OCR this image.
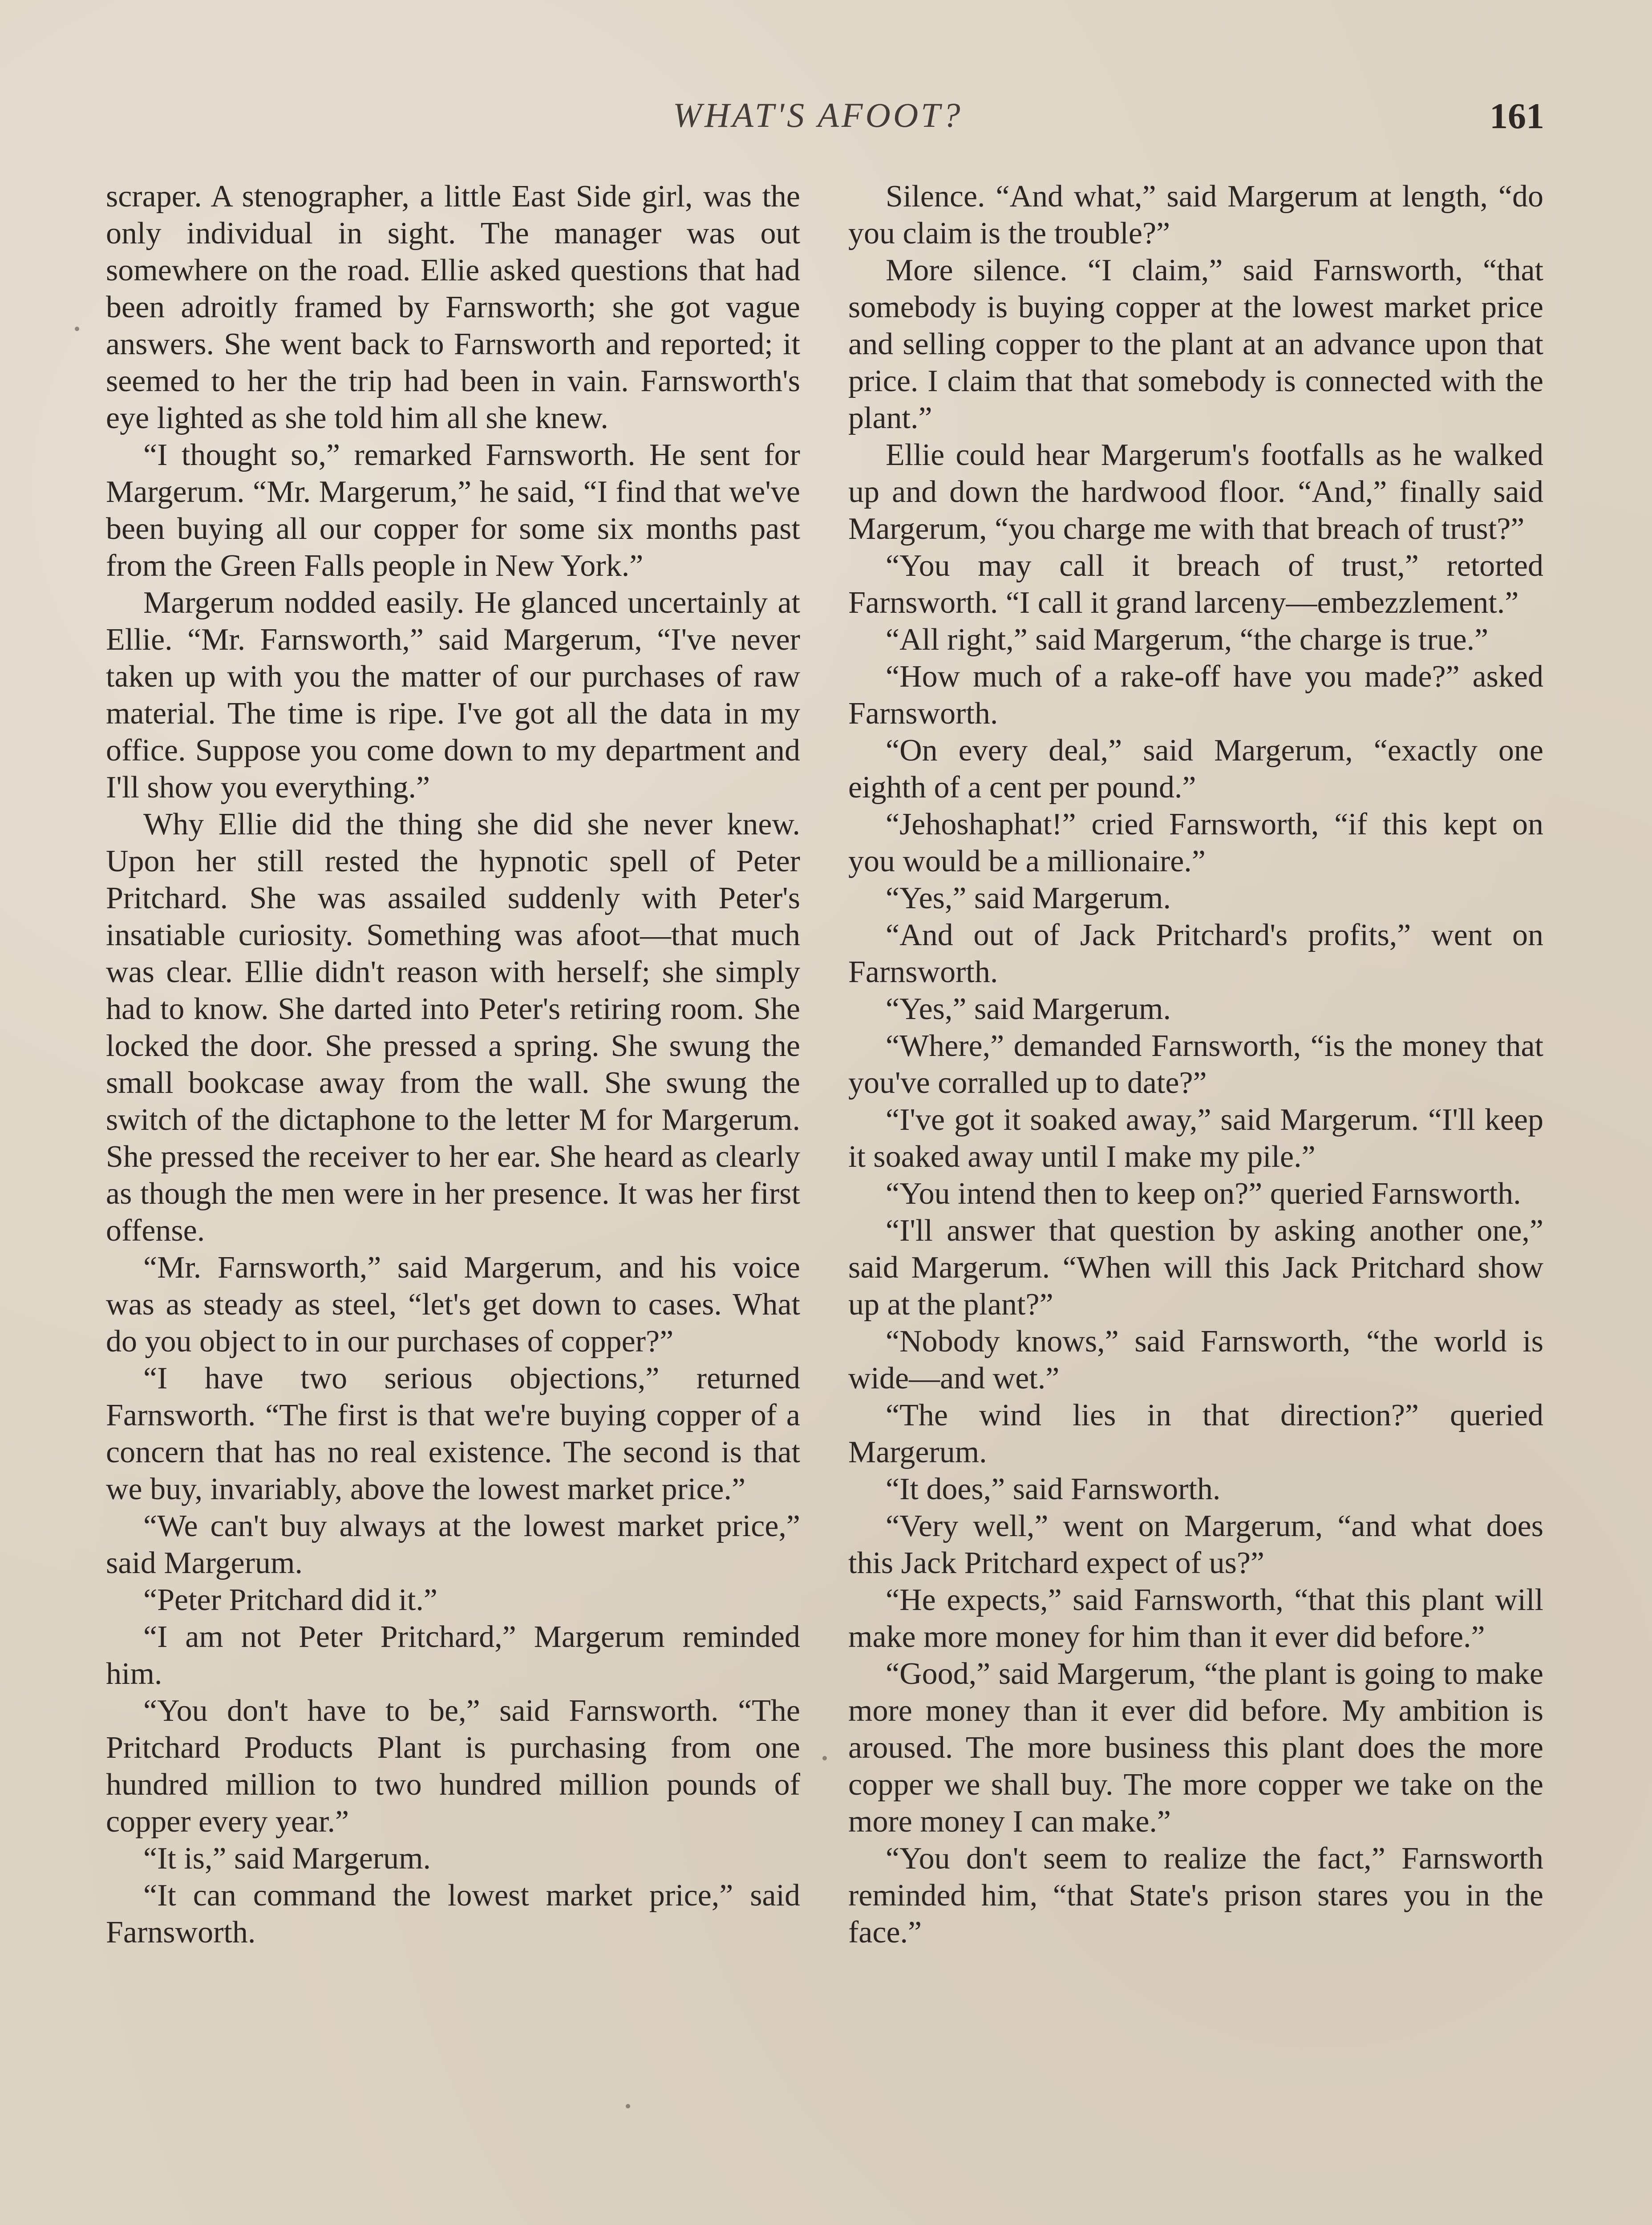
WHAT'S AFOOT?	161

scraper. A stenographer, a little East Side girl, was the only individual in sight. The manager was out somewhere on the road. Ellie asked questions that had been adroitly framed by Farnsworth; she got vague answers. She went back to Farnsworth and reported; it seemed to her the trip had been in vain. Farnsworth's eye lighted as she told him all she knew.

“I thought so,” remarked Farnsworth. He sent for Margerum. “Mr. Margerum,” he said, “I find that we've been buying all our copper for some six months past from the Green Falls people in New York.”

Margerum nodded easily. He glanced uncertainly at Ellie. “Mr. Farnsworth,” said Margerum, “I've never taken up with you the matter of our purchases of raw material. The time is ripe. I've got all the data in my office. Suppose you come down to my department and I'll show you everything.”

Why Ellie did the thing she did she never knew. Upon her still rested the hypnotic spell of Peter Pritchard. She was assailed suddenly with Peter's insatiable curiosity. Something was afoot—that much was clear. Ellie didn't reason with herself; she simply had to know. She darted into Peter's retiring room. She locked the door. She pressed a spring. She swung the small bookcase away from the wall. She swung the switch of the dictaphone to the letter M for Margerum. She pressed the receiver to her ear. She heard as clearly as though the men were in her presence. It was her first offense.

“Mr. Farnsworth,” said Margerum, and his voice was as steady as steel, “let's get down to cases. What do you object to in our purchases of copper?”

“I have two serious objections,” returned Farnsworth. “The first is that we're buying copper of a concern that has no real existence. The second is that we buy, invariably, above the lowest market price.”

“We can't buy always at the lowest market price,” said Margerum.

“Peter Pritchard did it.”

“I am not Peter Pritchard,” Margerum reminded him.

“You don't have to be,” said Farnsworth. “The Pritchard Products Plant is purchasing from one hundred million to two hundred million pounds of copper every year.”

“It is,” said Margerum.

“It can command the lowest market price,” said Farnsworth.

Silence. “And what,” said Margerum at length, “do you claim is the trouble?”

More silence. “I claim,” said Farnsworth, “that somebody is buying copper at the lowest market price and selling copper to the plant at an advance upon that price. I claim that that somebody is connected with the plant.”

Ellie could hear Margerum's footfalls as he walked up and down the hardwood floor. “And,” finally said Margerum, “you charge me with that breach of trust?”

“You may call it breach of trust,” retorted Farnsworth. “I call it grand larceny—embezzlement.”

“All right,” said Margerum, “the charge is true.”

“How much of a rake-off have you made?” asked Farnsworth.

“On every deal,” said Margerum, “exactly one eighth of a cent per pound.”

“Jehoshaphat!” cried Farnsworth, “if this kept on you would be a millionaire.”

“Yes,” said Margerum.

“And out of Jack Pritchard's profits,” went on Farnsworth.

“Yes,” said Margerum.

“Where,” demanded Farnsworth, “is the money that you've corralled up to date?”

“I've got it soaked away,” said Margerum. “I'll keep it soaked away until I make my pile.”

“You intend then to keep on?” queried Farnsworth.

“I'll answer that question by asking another one,” said Margerum. “When will this Jack Pritchard show up at the plant?”

“Nobody knows,” said Farnsworth, “the world is wide—and wet.”

“The wind lies in that direction?” queried Margerum.

“It does,” said Farnsworth.

“Very well,” went on Margerum, “and what does this Jack Pritchard expect of us?”

“He expects,” said Farnsworth, “that this plant will make more money for him than it ever did before.”

“Good,” said Margerum, “the plant is going to make more money than it ever did before. My ambition is aroused. The more business this plant does the more copper we shall buy. The more copper we take on the more money I can make.”

“You don't seem to realize the fact,” Farnsworth reminded him, “that State's prison stares you in the face.”
